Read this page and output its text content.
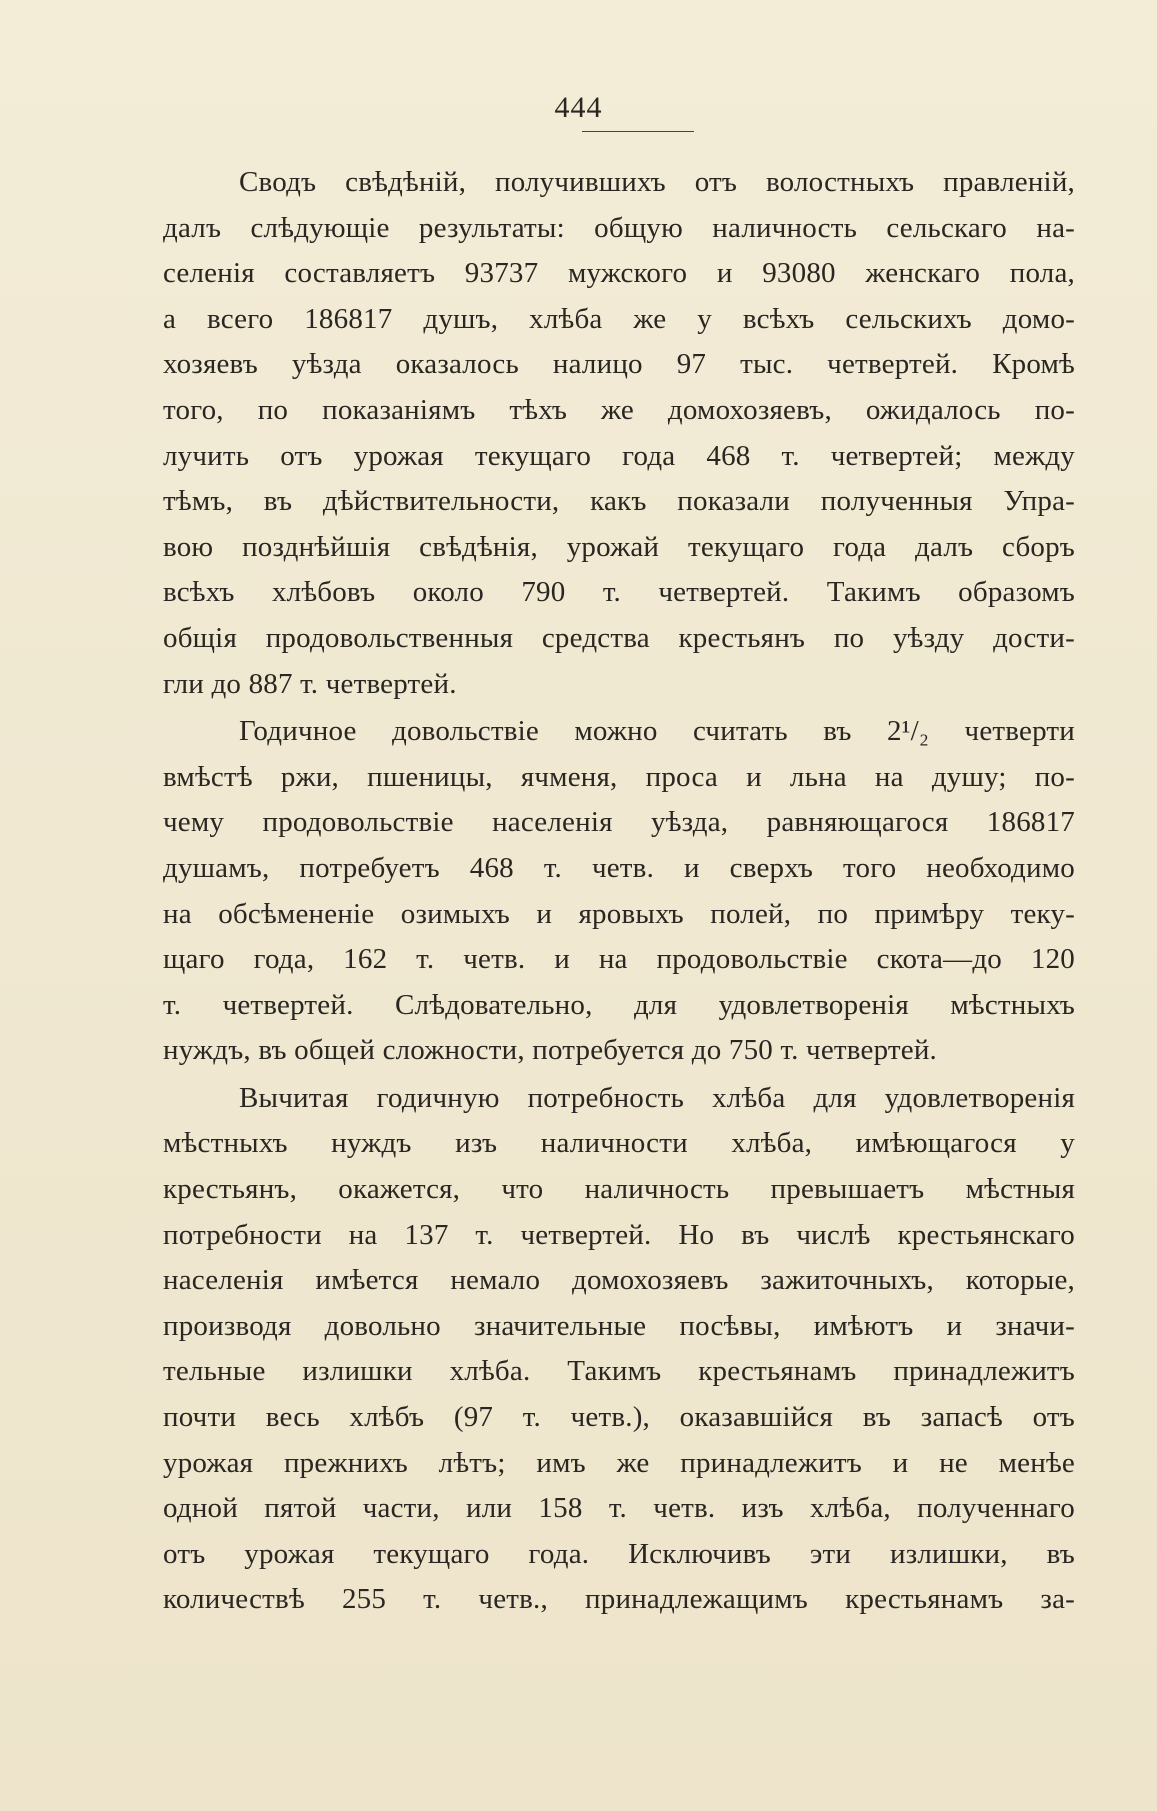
444
Сводъ свѣдѣній, получившихъ отъ волостныхъ правленій,
далъ слѣдующіе результаты: общую наличность сельскаго на-
селенія составляетъ 93737 мужского и 93080 женскаго пола,
а всего 186817 душъ, хлѣба же у всѣхъ сельскихъ домо-
хозяевъ уѣзда оказалось налицо 97 тыс. четвертей. Кромѣ
того, по показаніямъ тѣхъ же домохозяевъ, ожидалось по-
лучить отъ урожая текущаго года 468 т. четвертей; между
тѣмъ, въ дѣйствительности, какъ показали полученныя Упра-
вою позднѣйшія свѣдѣнія, урожай текущаго года далъ сборъ
всѣхъ хлѣбовъ около 790 т. четвертей. Такимъ образомъ
общія продовольственныя средства крестьянъ по уѣзду дости-
гли до 887 т. четвертей.
Годичное довольствіе можно считать въ 2¹/₂ четверти
вмѣстѣ ржи, пшеницы, ячменя, проса и льна на душу; по-
чему продовольствіе населенія уѣзда, равняющагося 186817
душамъ, потребуетъ 468 т. четв. и сверхъ того необходимо
на обсѣмененіе озимыхъ и яровыхъ полей, по примѣру теку-
щаго года, 162 т. четв. и на продовольствіе скота—до 120
т. четвертей. Слѣдовательно, для удовлетворенія мѣстныхъ
нуждъ, въ общей сложности, потребуется до 750 т. четвертей.
Вычитая годичную потребность хлѣба для удовлетворенія
мѣстныхъ нуждъ изъ наличности хлѣба, имѣющагося у
крестьянъ, окажется, что наличность превышаетъ мѣстныя
потребности на 137 т. четвертей. Но въ числѣ крестьянскаго
населенія имѣется немало домохозяевъ зажиточныхъ, которые,
производя довольно значительные посѣвы, имѣютъ и значи-
тельные излишки хлѣба. Такимъ крестьянамъ принадлежитъ
почти весь хлѣбъ (97 т. четв.), оказавшійся въ запасѣ отъ
урожая прежнихъ лѣтъ; имъ же принадлежитъ и не менѣе
одной пятой части, или 158 т. четв. изъ хлѣба, полученнаго
отъ урожая текущаго года. Исключивъ эти излишки, въ
количествѣ 255 т. четв., принадлежащимъ крестьянамъ за-
